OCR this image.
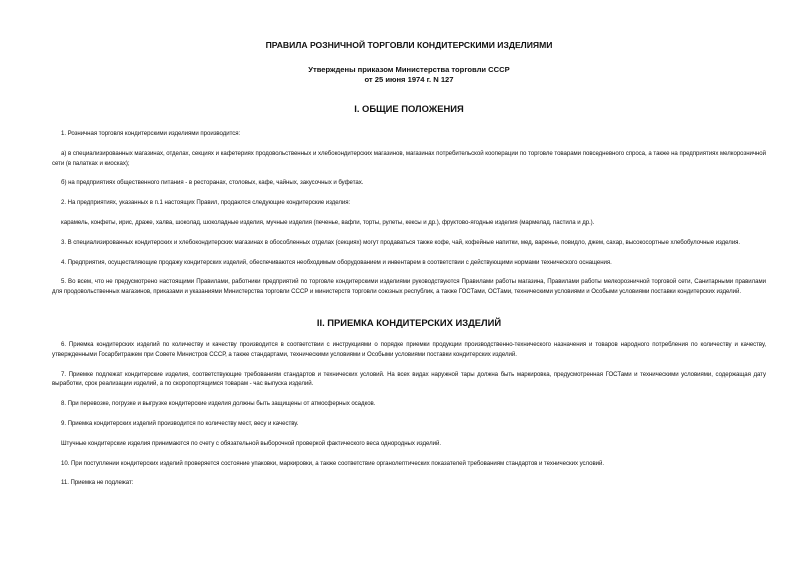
ПРАВИЛА РОЗНИЧНОЙ ТОРГОВЛИ КОНДИТЕРСКИМИ ИЗДЕЛИЯМИ

Утверждены приказом Министерства торговли СССР
от 25 июня 1974 г. N 127
I. ОБЩИЕ ПОЛОЖЕНИЯ

1. Розничная торговля кондитерскими изделиями производится:

а) в специализированных магазинах, отделах, секциях и кафетериях продовольственных и хлебокондитерских магазинов, магазинах потребительской кооперации по торговле товарами повседневного спроса, а также на предприятиях мелкорозничной сети (в палатках и киосках);

б) на предприятиях общественного питания - в ресторанах, столовых, кафе, чайных, закусочных и буфетах.

2. На предприятиях, указанных в п.1 настоящих Правил, продаются следующие кондитерские изделия:

карамель, конфеты, ирис, драже, халва, шоколад, шоколадные изделия, мучные изделия (печенье, вафли, торты, рулеты, кексы и др.), фруктово-ягодные изделия (мармелад, пастила и др.).

3. В специализированных кондитерских и хлебокондитерских магазинах в обособленных отделах (секциях) могут продаваться также кофе, чай, кофейные напитки, мед, варенье, повидло, джем, сахар, высокосортные хлебобулочные изделия.

4. Предприятия, осуществляющие продажу кондитерских изделий, обеспечиваются необходимым оборудованием и инвентарем в соответствии с действующими нормами технического оснащения.

5. Во всем, что не предусмотрено настоящими Правилами, работники предприятий по торговле кондитерскими изделиями руководствуются Правилами работы магазина, Правилами работы мелкорозничной торговой сети, Санитарными правилами для продовольственных магазинов, приказами и указаниями Министерства торговли СССР и министерств торговли союзных республик, а также ГОСТами, ОСТами, техническими условиями и Особыми условиями поставки кондитерских изделий.

II. ПРИЕМКА КОНДИТЕРСКИХ ИЗДЕЛИЙ

6. Приемка кондитерских изделий по количеству и качеству производится в соответствии с инструкциями о порядке приемки продукции производственно-технического назначения и товаров народного потребления по количеству и качеству, утвержденными Госарбитражем при Совете Министров СССР, а также стандартами, техническими условиями и Особыми условиями поставки кондитерских изделий.

7. Приемке подлежат кондитерские изделия, соответствующие требованиям стандартов и технических условий. На всех видах наружной тары должна быть маркировка, предусмотренная ГОСТами и техническими условиями, содержащая дату выработки, срок реализации изделий, а по скоропортящимся товарам - час выпуска изделий.

8. При перевозке, погрузке и выгрузке кондитерские изделия должны быть защищены от атмосферных осадков.

9. Приемка кондитерских изделий производится по количеству мест, весу и качеству.

Штучные кондитерские изделия принимаются по счету с обязательной выборочной проверкой фактического веса однородных изделий.

10. При поступлении кондитерских изделий проверяется состояние упаковки, маркировки, а также соответствие органолептических показателей требованиям стандартов и технических условий.

11. Приемка не подлежат:
